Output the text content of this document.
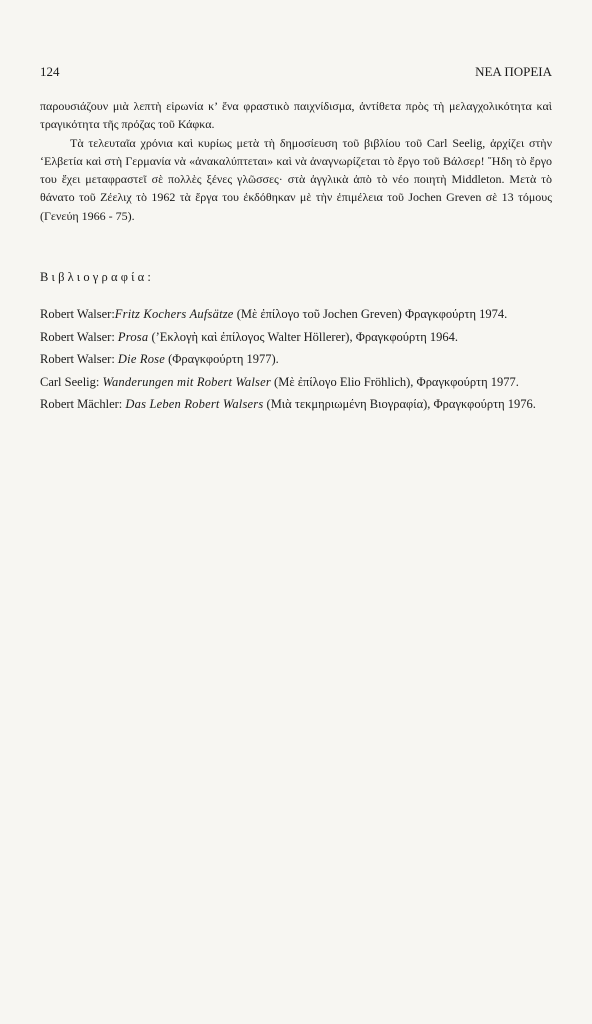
124	ΝΕΑ ΠΟΡΕΙΑ

παρουσιάζουν μιὰ λεπτὴ εἰρωνία κ’ ἕνα φραστικὸ παιχνίδισμα, ἀντίθετα πρὸς τὴ μελαγχολικότητα καὶ τραγικότητα τῆς πρόζας τοῦ Κάφκα.

Τὰ τελευταῖα χρόνια καὶ κυρίως μετὰ τὴ δημοσίευση τοῦ βιβλίου τοῦ Carl Seelig, ἀρχίζει στὴν ‘Ελβετία καὶ στὴ Γερμανία νὰ «ἀνακαλύπτεται» καὶ νὰ ἀναγνωρίζεται τὸ ἔργο τοῦ Βάλσερ! ῎Ηδη τὸ ἔργο του ἔχει μεταφραστεῖ σὲ πολλὲς ξένες γλῶσσες· στὰ ἀγγλικὰ ἀπὸ τὸ νέο ποιητὴ Middleton. Μετὰ τὸ θάνατο τοῦ Ζέελιχ τὸ 1962 τὰ ἔργα του ἐκδόθηκαν μὲ τὴν ἐπιμέλεια τοῦ Jochen Greven σὲ 13 τόμους (Γενεύη 1966 - 75).

Βιβλιογραφία:

Robert Walser:Fritz Kochers Aufsätze (Μὲ ἐπίλογο τοῦ Jochen Greven) Φραγκφούρτη 1974.

Robert Walser: Prosa (’Εκλογὴ καὶ ἐπίλογος Walter Höllerer), Φραγκφούρτη 1964.

Robert Walser: Die Rose (Φραγκφούρτη 1977).

Carl Seelig: Wanderungen mit Robert Walser (Μὲ ἐπίλογο Elio Fröhlich), Φραγκφούρτη 1977.

Robert Mächler: Das Leben Robert Walsers (Μιὰ τεκμηριωμένη Βιογραφία), Φραγκφούρτη 1976.
